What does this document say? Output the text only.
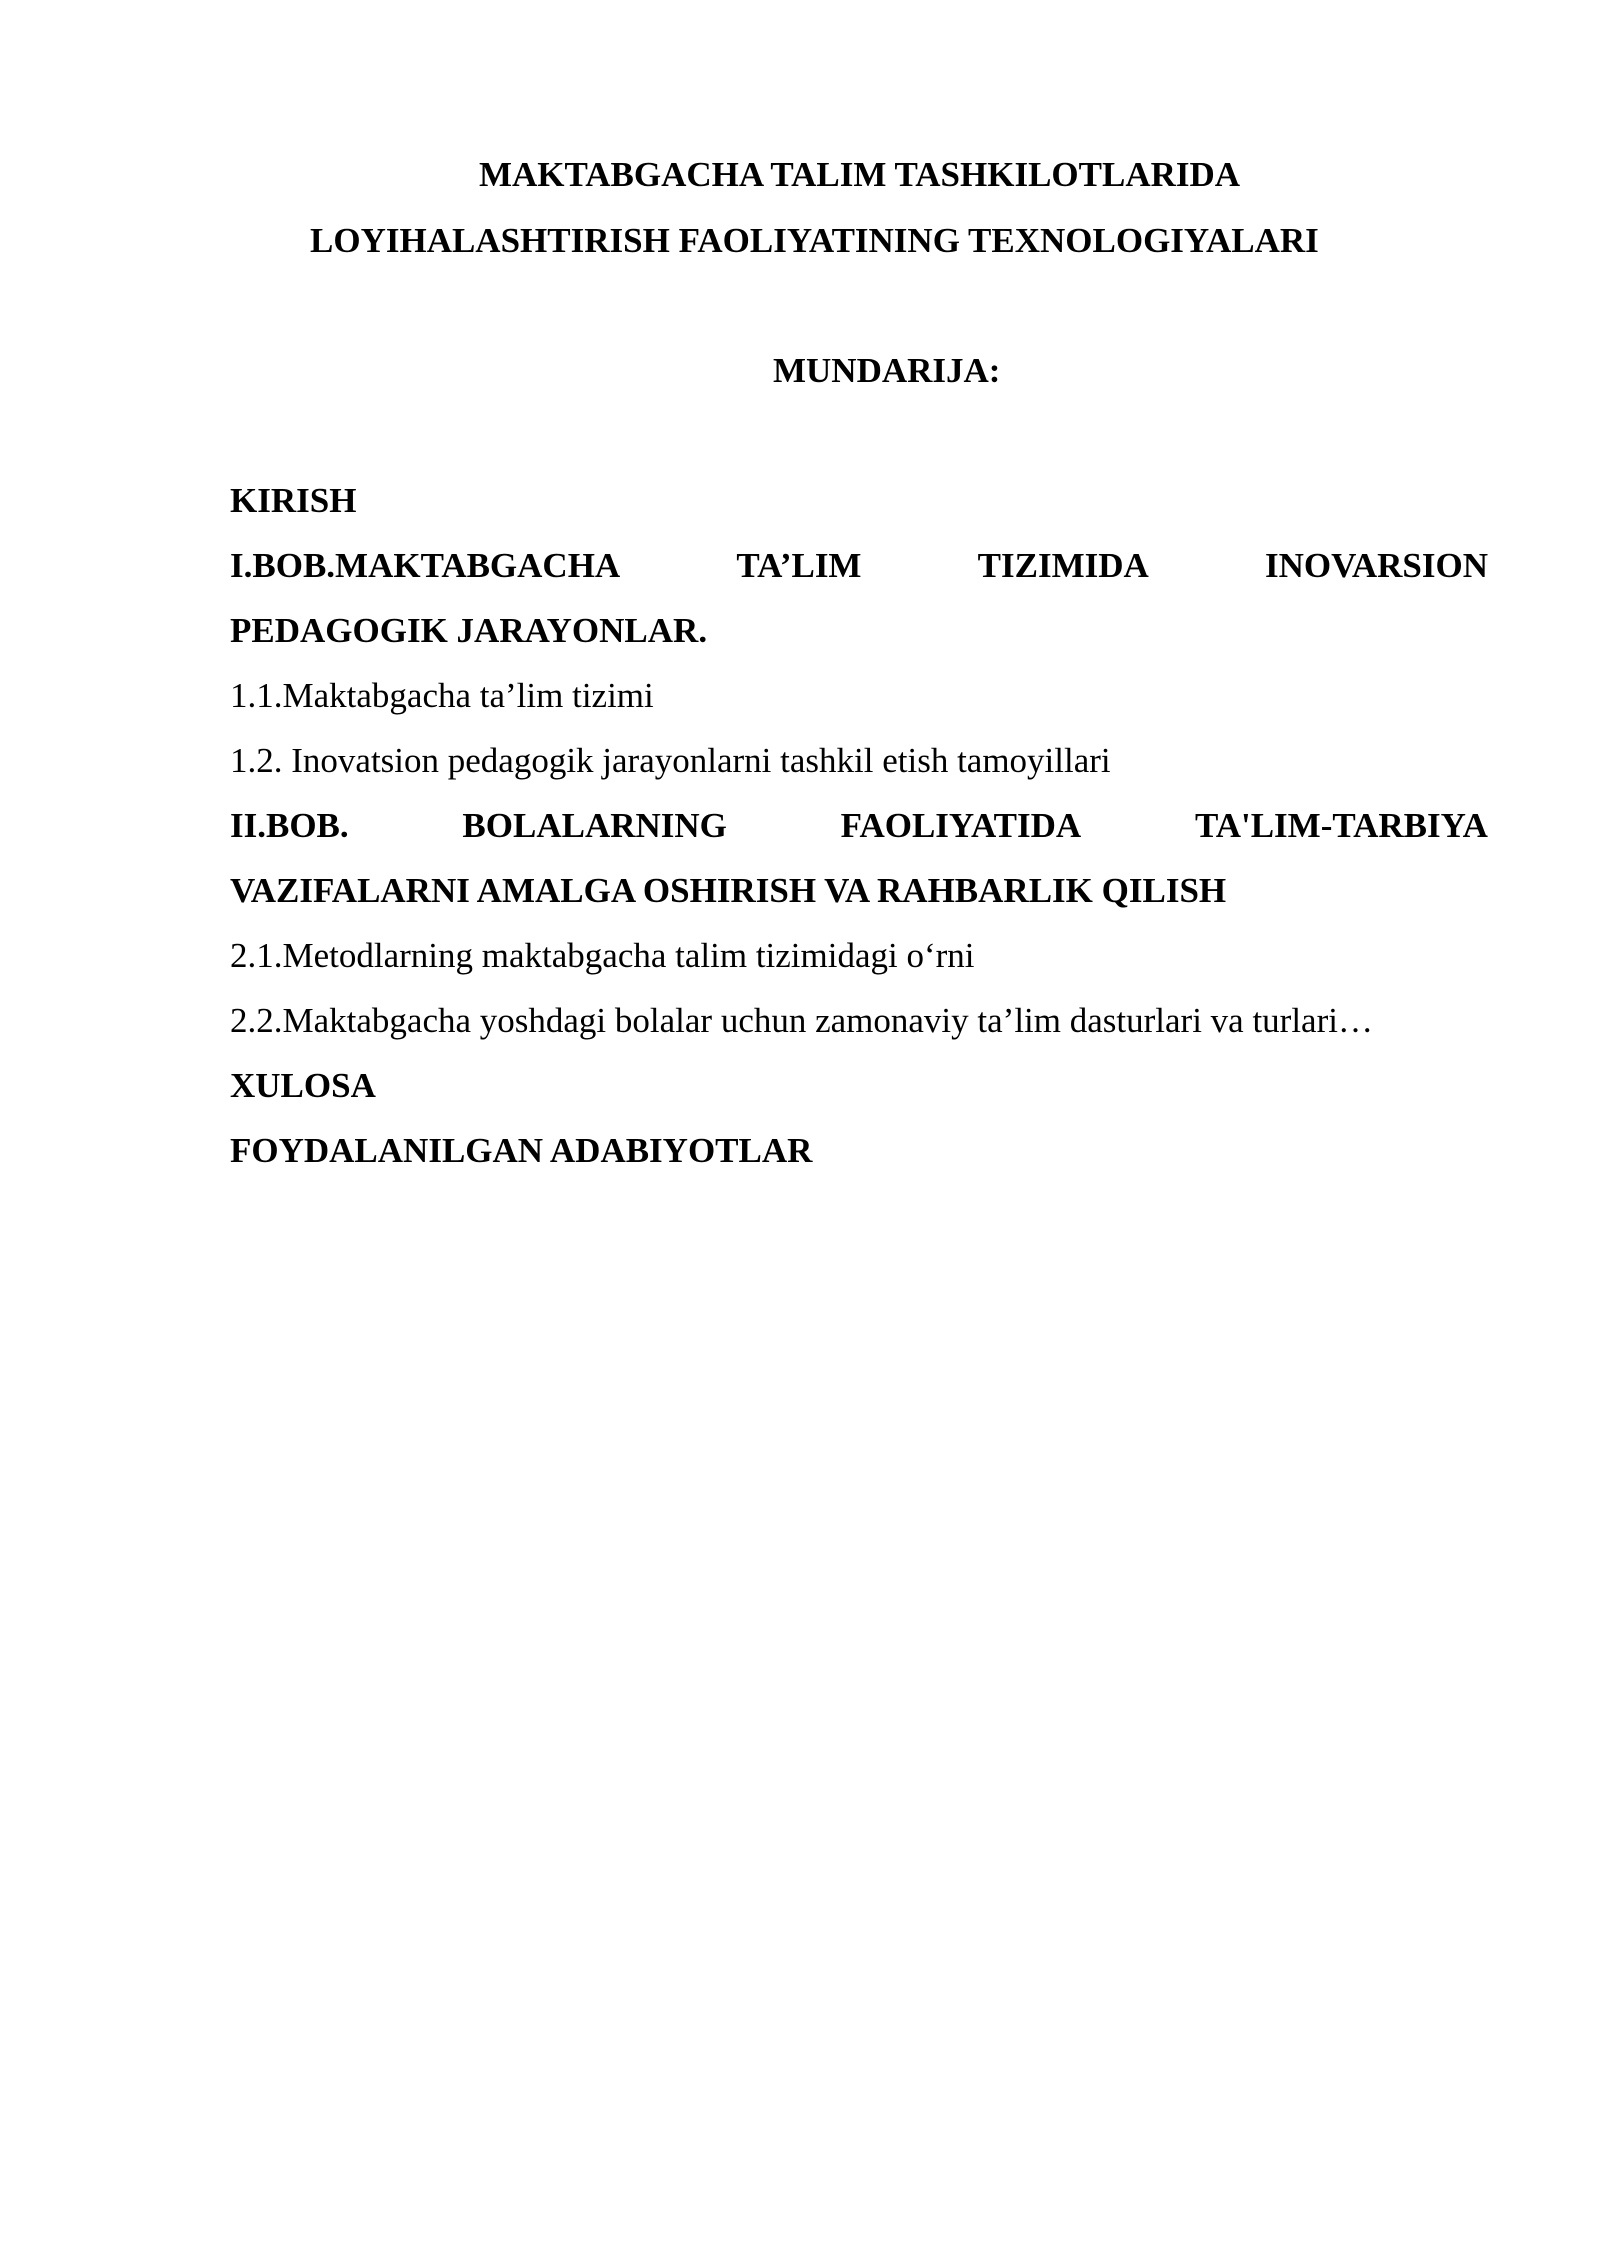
MAKTABGACHA TALIM TASHKILOTLARIDA
LOYIHALASHTIRISH FAOLIYATINING TEXNOLOGIYALARI
MUNDARIJA:
KIRISH
I.BOB.MAKTABGACHA	TA’LIM	TIZIMIDA	INOVARSION
PEDAGOGIK JARAYONLAR.
1.1.Maktabgacha ta’lim tizimi
1.2. Inovatsion pedagogik jarayonlarni tashkil etish tamoyillari
II.BOB.	BOLALARNING	FAOLIYATIDA	TA'LIM-TARBIYA
VAZIFALARNI AMALGA OSHIRISH VA RAHBARLIK QILISH
2.1.Metodlarning maktabgacha talim tizimidagi o‘rni
2.2.Maktabgacha yoshdagi bolalar uchun zamonaviy ta’lim dasturlari va turlari…
XULOSA
FOYDALANILGAN ADABIYOTLAR
